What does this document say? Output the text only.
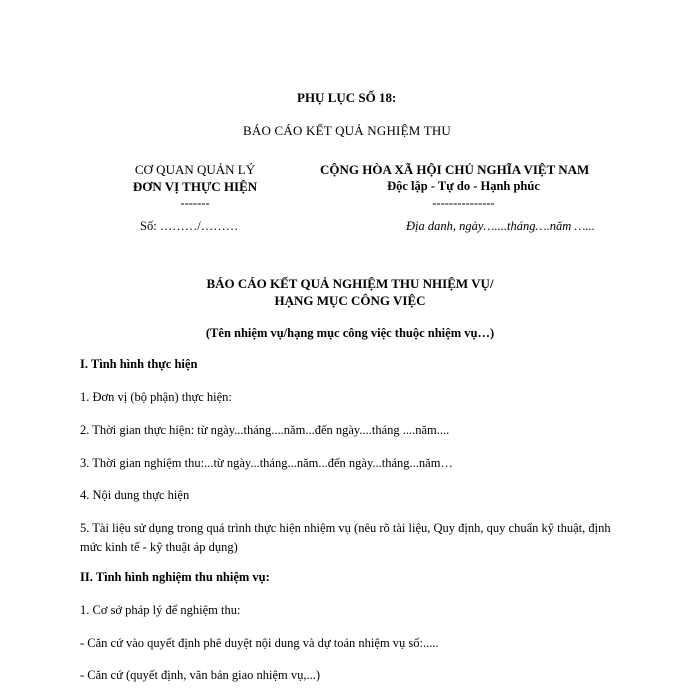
PHỤ LỤC SỐ 18:
BÁO CÁO KẾT QUẢ NGHIỆM THU
CƠ QUAN QUẢN LÝ
ĐƠN VỊ THỰC HIỆN
-------
Số: ………/………
CỘNG HÒA XÃ HỘI CHỦ NGHĨA VIỆT NAM
Độc lập - Tự do - Hạnh phúc
---------------
Địa danh, ngày…....tháng….năm …...
BÁO CÁO KẾT QUẢ NGHIỆM THU NHIỆM VỤ/
HẠNG MỤC CÔNG VIỆC
(Tên nhiệm vụ/hạng mục công việc thuộc nhiệm vụ…)
I. Tình hình thực hiện
1. Đơn vị (bộ phận) thực hiện:
2. Thời gian thực hiện: từ ngày...tháng....năm...đến ngày....tháng ....năm....
3. Thời gian nghiệm thu:...từ ngày...tháng...năm...đến ngày...tháng...năm…
4. Nội dung thực hiện
5. Tài liệu sử dụng trong quá trình thực hiện nhiệm vụ (nêu rõ tài liệu, Quy định, quy chuẩn kỹ thuật, định mức kinh tế - kỹ thuật áp dụng)
II. Tình hình nghiệm thu nhiệm vụ:
1. Cơ sở pháp lý để nghiệm thu:
- Căn cứ vào quyết định phê duyệt nội dung và dự toán nhiệm vụ số:.....
- Căn cứ (quyết định, văn bản giao nhiệm vụ,...)
